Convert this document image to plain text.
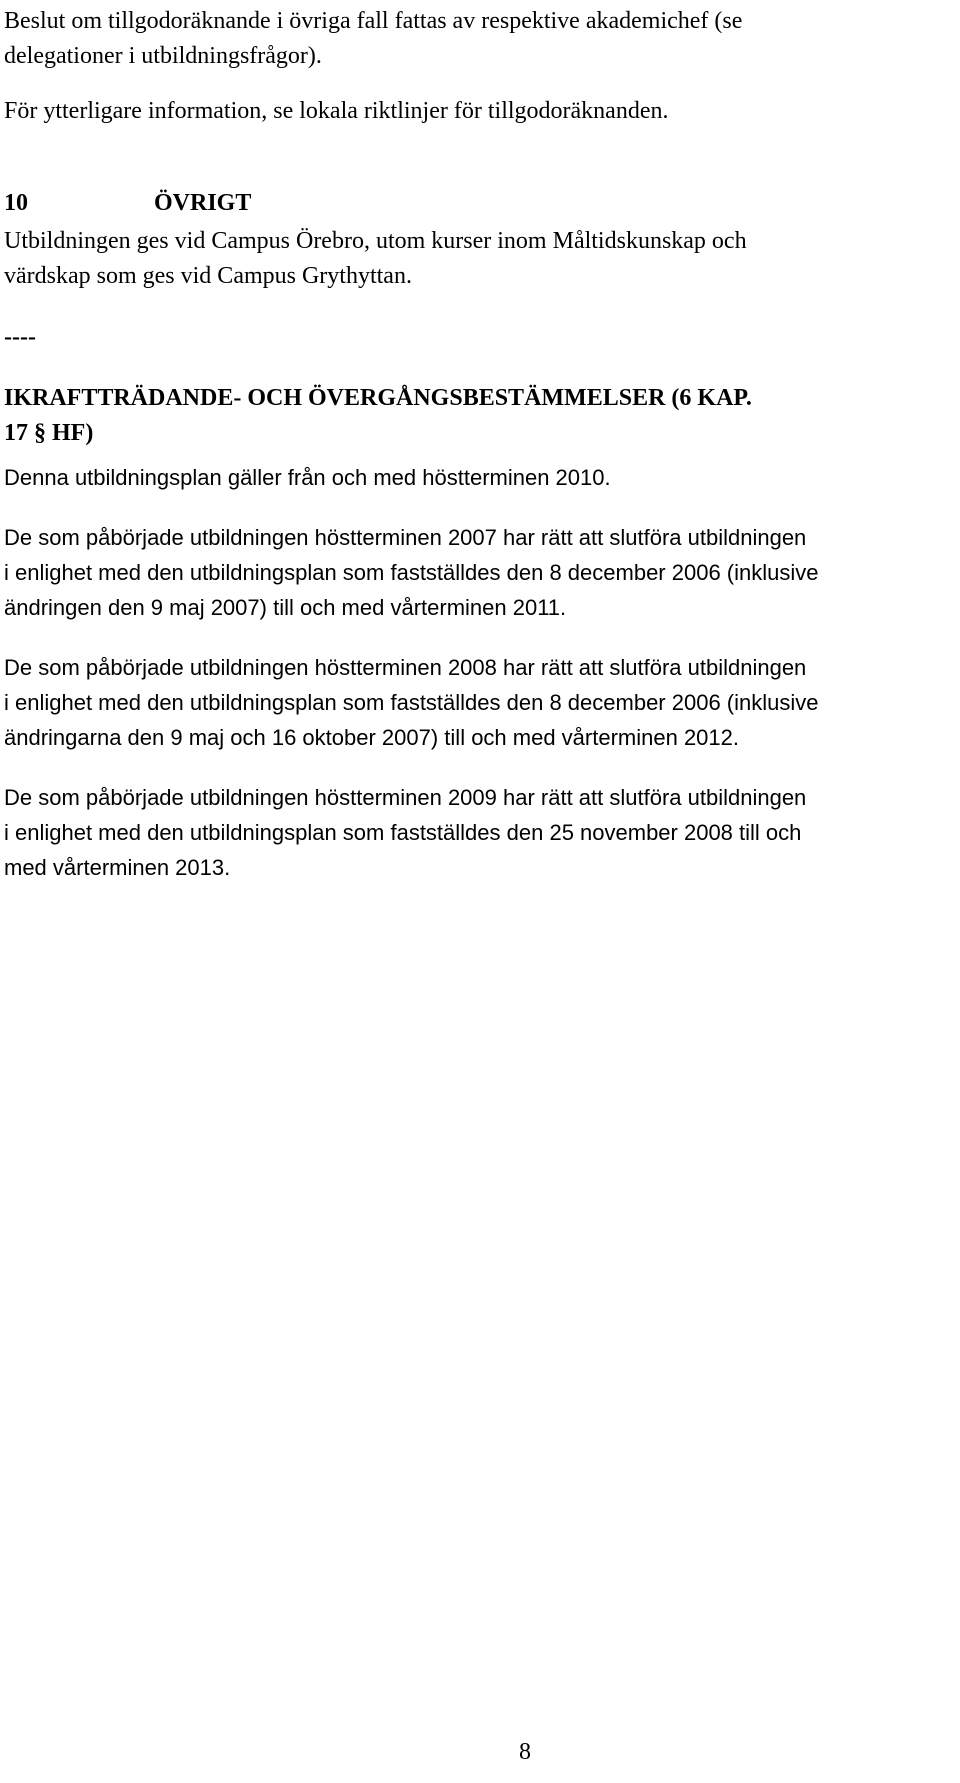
Beslut om tillgodoräknande i övriga fall fattas av respektive akademichef (se

delegationer i utbildningsfrågor).

För ytterligare information, se lokala riktlinjer för tillgodoräknanden.

10	ÖVRIGT

Utbildningen ges vid Campus Örebro, utom kurser inom Måltidskunskap och

värdskap som ges vid Campus Grythyttan.

----

IKRAFTTRÄDANDE- OCH ÖVERGÅNGSBESTÄMMELSER (6 KAP.

17 § HF)

Denna utbildningsplan gäller från och med höstterminen 2010.

De som påbörjade utbildningen höstterminen 2007 har rätt att slutföra utbildningen

i enlighet med den utbildningsplan som fastställdes den 8 december 2006 (inklusive

ändringen den 9 maj 2007) till och med vårterminen 2011.

De som påbörjade utbildningen höstterminen 2008 har rätt att slutföra utbildningen

i enlighet med den utbildningsplan som fastställdes den 8 december 2006 (inklusive

ändringarna den 9 maj och 16 oktober 2007) till och med vårterminen 2012.

De som påbörjade utbildningen höstterminen 2009 har rätt att slutföra utbildningen

i enlighet med den utbildningsplan som fastställdes den 25 november 2008 till och

med vårterminen 2013.

8
